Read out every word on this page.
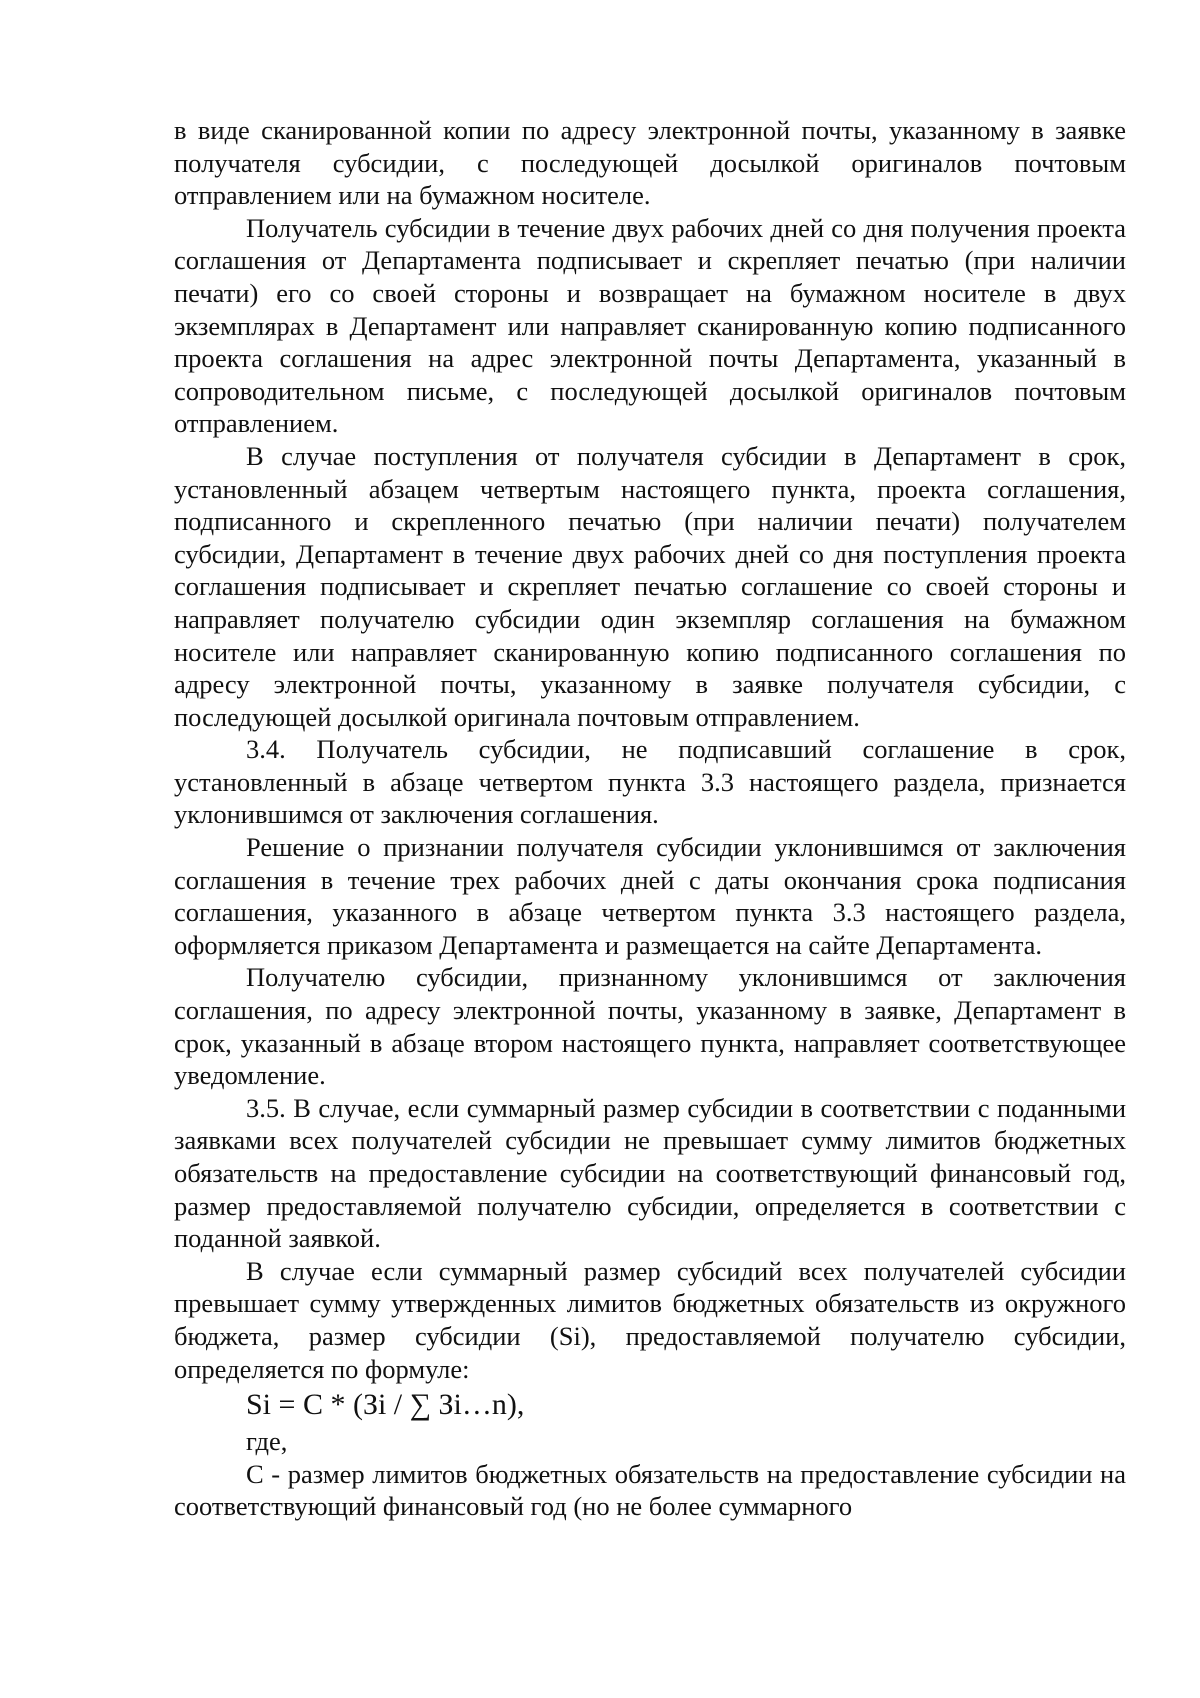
в виде сканированной копии по адресу электронной почты, указанному в заявке получателя субсидии, с последующей досылкой оригиналов почтовым отправлением или на бумажном носителе.

Получатель субсидии в течение двух рабочих дней со дня получения проекта соглашения от Департамента подписывает и скрепляет печатью (при наличии печати) его со своей стороны и возвращает на бумажном носителе в двух экземплярах в Департамент или направляет сканированную копию подписанного проекта соглашения на адрес электронной почты Департамента, указанный в сопроводительном письме, с последующей досылкой оригиналов почтовым отправлением.

В случае поступления от получателя субсидии в Департамент в срок, установленный абзацем четвертым настоящего пункта, проекта соглашения, подписанного и скрепленного печатью (при наличии печати) получателем субсидии, Департамент в течение двух рабочих дней со дня поступления проекта соглашения подписывает и скрепляет печатью соглашение со своей стороны и направляет получателю субсидии один экземпляр соглашения на бумажном носителе или направляет сканированную копию подписанного соглашения по адресу электронной почты, указанному в заявке получателя субсидии, с последующей досылкой оригинала почтовым отправлением.

3.4. Получатель субсидии, не подписавший соглашение в срок, установленный в абзаце четвертом пункта 3.3 настоящего раздела, признается уклонившимся от заключения соглашения.

Решение о признании получателя субсидии уклонившимся от заключения соглашения в течение трех рабочих дней с даты окончания срока подписания соглашения, указанного в абзаце четвертом пункта 3.3 настоящего раздела, оформляется приказом Департамента и размещается на сайте Департамента.

Получателю субсидии, признанному уклонившимся от заключения соглашения, по адресу электронной почты, указанному в заявке, Департамент в срок, указанный в абзаце втором настоящего пункта, направляет соответствующее уведомление.

3.5. В случае, если суммарный размер субсидии в соответствии с поданными заявками всех получателей субсидии не превышает сумму лимитов бюджетных обязательств на предоставление субсидии на соответствующий финансовый год, размер предоставляемой получателю субсидии, определяется в соответствии с поданной заявкой.

В случае если суммарный размер субсидий всех получателей субсидии превышает сумму утвержденных лимитов бюджетных обязательств из окружного бюджета, размер субсидии (Si), предоставляемой получателю субсидии, определяется по формуле:

Si = C * (Зi / ∑ Зi…n),

где,

С - размер лимитов бюджетных обязательств на предоставление субсидии на соответствующий финансовый год (но не более суммарного
